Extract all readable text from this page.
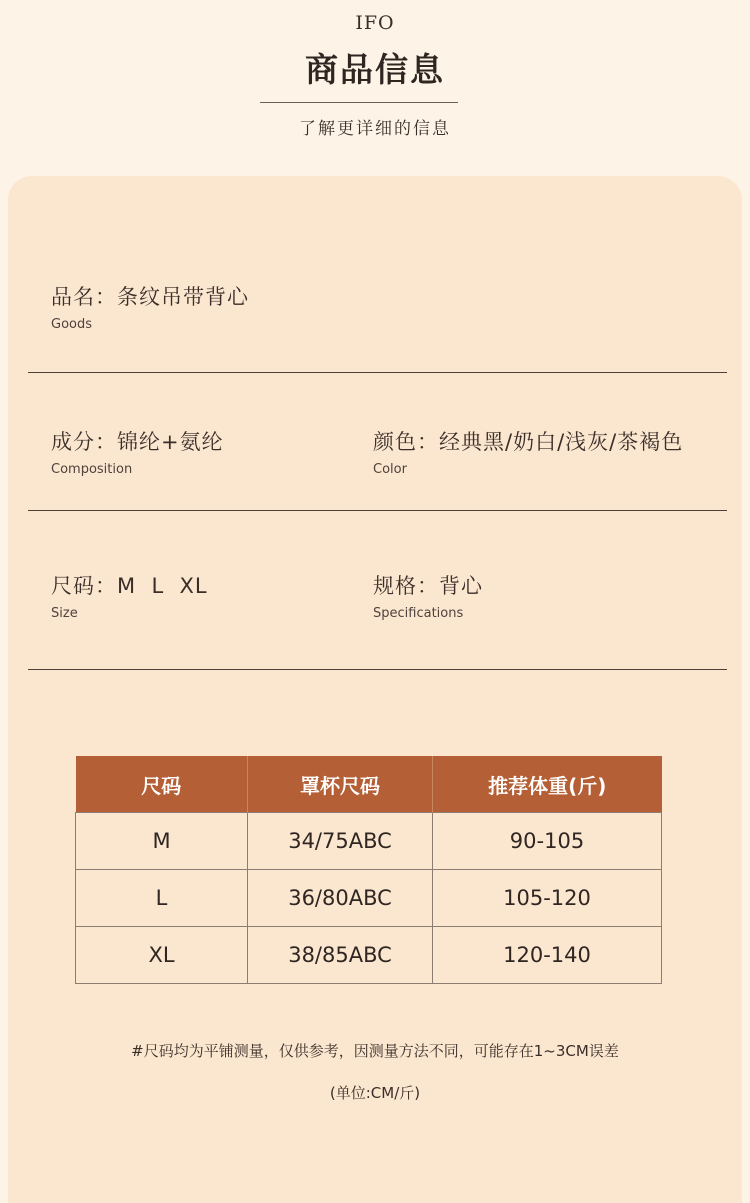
IFO
商品信息
了解更详细的信息
品名：条纹吊带背心
Goods
成分：锦纶+氨纶
Composition
颜色：经典黑/奶白/浅灰/茶褐色
Color
尺码：M  L  XL
Size
规格：背心
Specifications
尺码	罩杯尺码	推荐体重(斤)
M	34/75ABC	90-105
L	36/80ABC	105-120
XL	38/85ABC	120-140
#尺码均为平铺测量，仅供参考，因测量方法不同，可能存在1~3CM误差
(单位:CM/斤)
